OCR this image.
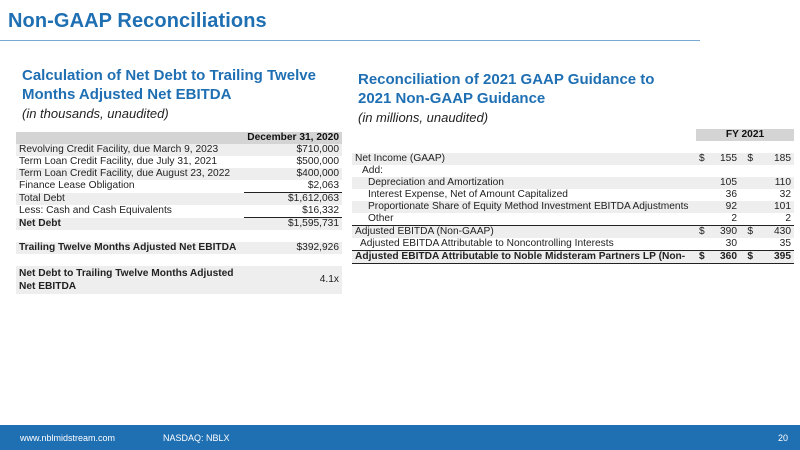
Non-GAAP Reconciliations
Calculation of Net Debt to Trailing Twelve
Months Adjusted Net EBITDA
(in thousands, unaudited)
	December 31, 2020
Revolving Credit Facility, due March 9, 2023	$710,000
Term Loan Credit Facility, due July 31, 2021	$500,000
Term Loan Credit Facility, due August 23, 2022	$400,000
Finance Lease Obligation	$2,063
Total Debt	$1,612,063
Less: Cash and Cash Equivalents	$16,332
Net Debt	$1,595,731

Trailing Twelve Months Adjusted Net EBITDA	$392,926

Net Debt to Trailing Twelve Months Adjusted
Net EBITDA	4.1x
Reconciliation of 2021 GAAP Guidance to
2021 Non-GAAP Guidance
(in millions, unaudited)
	FY 2021			

Net Income (GAAP)	$	155	$	185
Add:				
Depreciation and Amortization		105		110
Interest Expense, Net of Amount Capitalized		36		32
Proportionate Share of Equity Method Investment EBITDA Adjustments		92		101
Other		2		2
Adjusted EBITDA (Non-GAAP)	$	390	$	430
Adjusted EBITDA Attributable to Noncontrolling Interests		30		35
Adjusted EBITDA Attributable to Noble Midsteram Partners LP (Non-	$	360	$	395
www.nblmidstream.com	NASDAQ: NBLX	20
